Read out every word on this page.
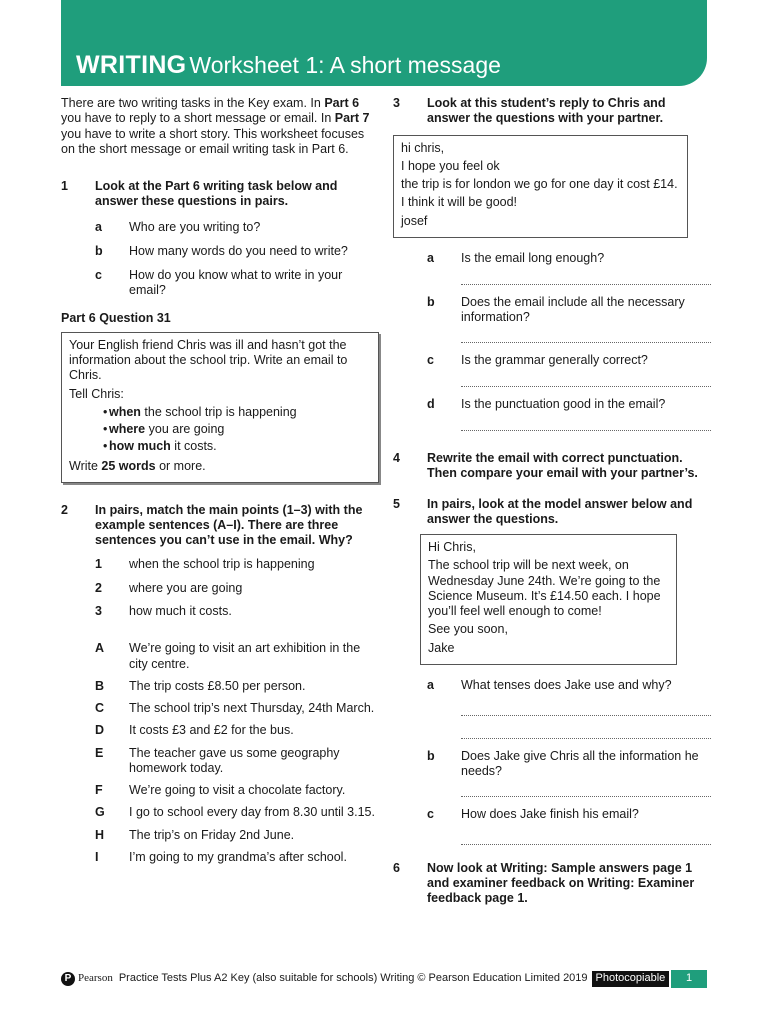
WRITING Worksheet 1: A short message

There are two writing tasks in the Key exam. In Part 6 you have to reply to a short message or email. In Part 7 you have to write a short story. This worksheet focuses on the short message or email writing task in Part 6.

1	Look at the Part 6 writing task below and answer these questions in pairs.
a	Who are you writing to?
b	How many words do you need to write?
c	How do you know what to write in your email?

Part 6 Question 31

Your English friend Chris was ill and hasn’t got the information about the school trip. Write an email to Chris.

Tell Chris:

• when the school trip is happening
• where you are going
• how much it costs.

Write 25 words or more.

2	In pairs, match the main points (1–3) with the example sentences (A–I). There are three sentences you can’t use in the email. Why?
1	when the school trip is happening
2	where you are going
3	how much it costs.
A	We’re going to visit an art exhibition in the city centre.
B	The trip costs £8.50 per person.
C	The school trip’s next Thursday, 24th March.
D	It costs £3 and £2 for the bus.
E	The teacher gave us some geography homework today.
F	We’re going to visit a chocolate factory.
G	I go to school every day from 8.30 until 3.15.
H	The trip’s on Friday 2nd June.
I	I’m going to my grandma’s after school.
3	Look at this student’s reply to Chris and answer the questions with your partner.

hi chris,

I hope you feel ok

the trip is for london we go for one day it cost £14.

I think it will be good!

josef

a	Is the email long enough?
b	Does the email include all the necessary information?
c	Is the grammar generally correct?
d	Is the punctuation good in the email?
4	Rewrite the email with correct punctuation. Then compare your email with your partner’s.
5	In pairs, look at the model answer below and answer the questions.

Hi Chris,

The school trip will be next week, on Wednesday June 24th. We’re going to the Science Museum. It’s £14.50 each. I hope you’ll feel well enough to come!

See you soon,

Jake

a	What tenses does Jake use and why?
b	Does Jake give Chris all the information he needs?
c	How does Jake finish his email?
6	Now look at Writing: Sample answers page 1 and examiner feedback on Writing: Examiner feedback page 1.
P Pearson Practice Tests Plus A2 Key (also suitable for schools) Writing © Pearson Education Limited 2019 Photocopiable	1
